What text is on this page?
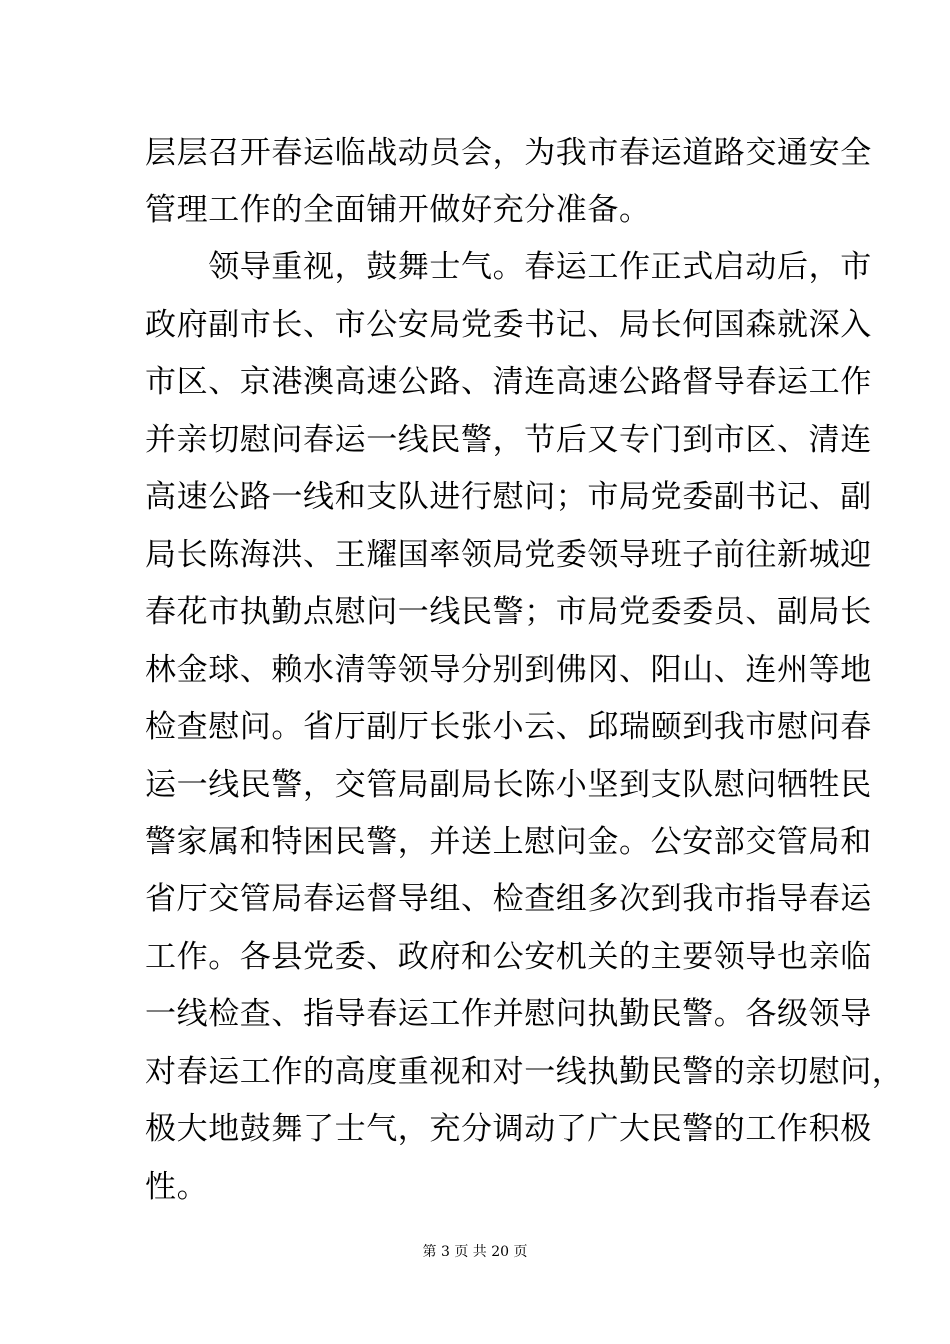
层层召开春运临战动员会，为我市春运道路交通安全
管理工作的全面铺开做好充分准备。
　　领导重视，鼓舞士气。春运工作正式启动后，市
政府副市长、市公安局党委书记、局长何国森就深入
市区、京港澳高速公路、清连高速公路督导春运工作
并亲切慰问春运一线民警，节后又专门到市区、清连
高速公路一线和支队进行慰问；市局党委副书记、副
局长陈海洪、王耀国率领局党委领导班子前往新城迎
春花市执勤点慰问一线民警；市局党委委员、副局长
林金球、赖水清等领导分别到佛冈、阳山、连州等地
检查慰问。省厅副厅长张小云、邱瑞颐到我市慰问春
运一线民警，交管局副局长陈小坚到支队慰问牺牲民
警家属和特困民警，并送上慰问金。公安部交管局和
省厅交管局春运督导组、检查组多次到我市指导春运
工作。各县党委、政府和公安机关的主要领导也亲临
一线检查、指导春运工作并慰问执勤民警。各级领导
对春运工作的高度重视和对一线执勤民警的亲切慰问，
极大地鼓舞了士气，充分调动了广大民警的工作积极
性。
第 3 页 共 20 页
